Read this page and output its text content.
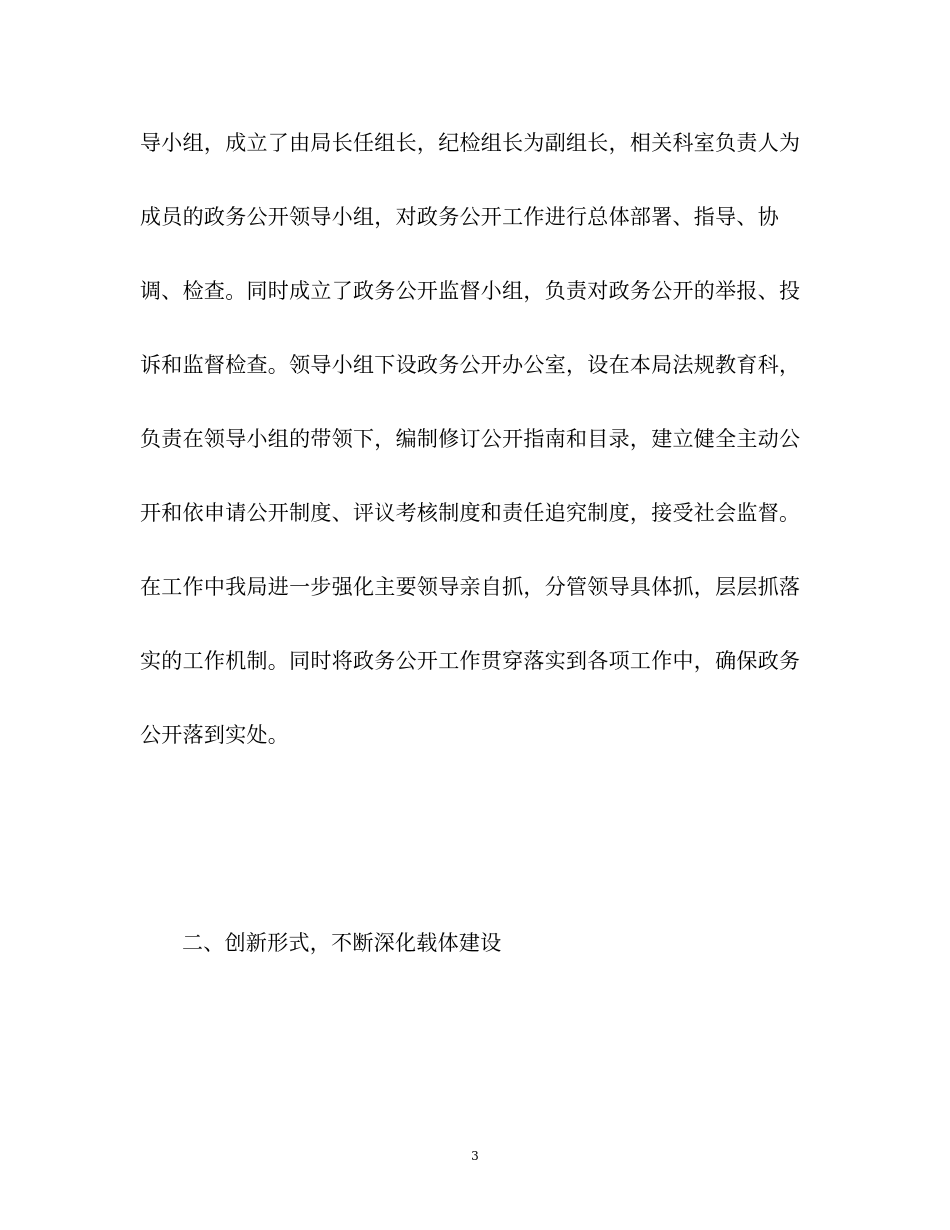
导小组，成立了由局长任组长，纪检组长为副组长，相关科室负责人为
成员的政务公开领导小组，对政务公开工作进行总体部署、指导、协
调、检查。同时成立了政务公开监督小组，负责对政务公开的举报、投
诉和监督检查。领导小组下设政务公开办公室，设在本局法规教育科，
负责在领导小组的带领下，编制修订公开指南和目录，建立健全主动公
开和依申请公开制度、评议考核制度和责任追究制度，接受社会监督。
在工作中我局进一步强化主要领导亲自抓，分管领导具体抓，层层抓落
实的工作机制。同时将政务公开工作贯穿落实到各项工作中，确保政务
公开落到实处。
二、创新形式，不断深化载体建设
3
